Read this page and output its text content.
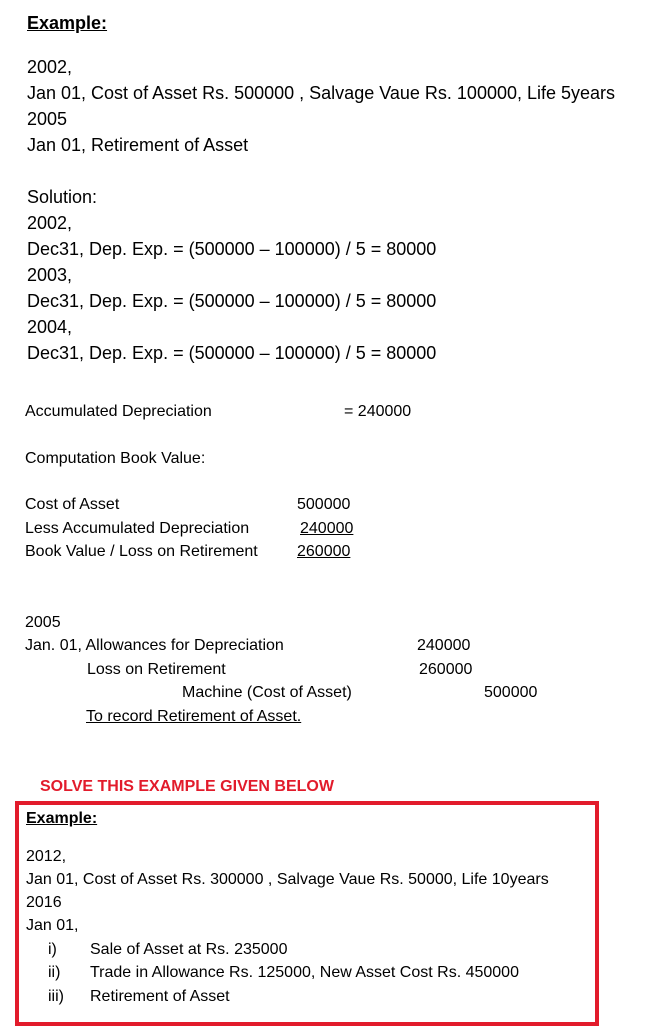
Example:
2002,
Jan 01, Cost of Asset Rs. 500000 , Salvage Vaue Rs. 100000, Life 5years
2005
Jan 01, Retirement of Asset
Solution:
2002,
Dec31, Dep. Exp. = (500000 – 100000) / 5 = 80000
2003,
Dec31, Dep. Exp. = (500000 – 100000) / 5 = 80000
2004,
Dec31, Dep. Exp. = (500000 – 100000) / 5 = 80000
Accumulated Depreciation	= 240000
Computation Book Value:
Cost of Asset	500000
Less Accumulated Depreciation	240000
Book Value / Loss on Retirement 260000
2005
Jan. 01, Allowances for Depreciation	240000
Loss on Retirement	260000
Machine (Cost of Asset)	500000
To record Retirement of Asset.
SOLVE THIS EXAMPLE GIVEN BELOW
Example:
2012,
Jan 01, Cost of Asset Rs. 300000 , Salvage Vaue Rs. 50000, Life 10years
2016
Jan 01,
i) Sale of Asset at Rs. 235000
ii) Trade in Allowance Rs. 125000, New Asset Cost Rs. 450000
iii) Retirement of Asset
